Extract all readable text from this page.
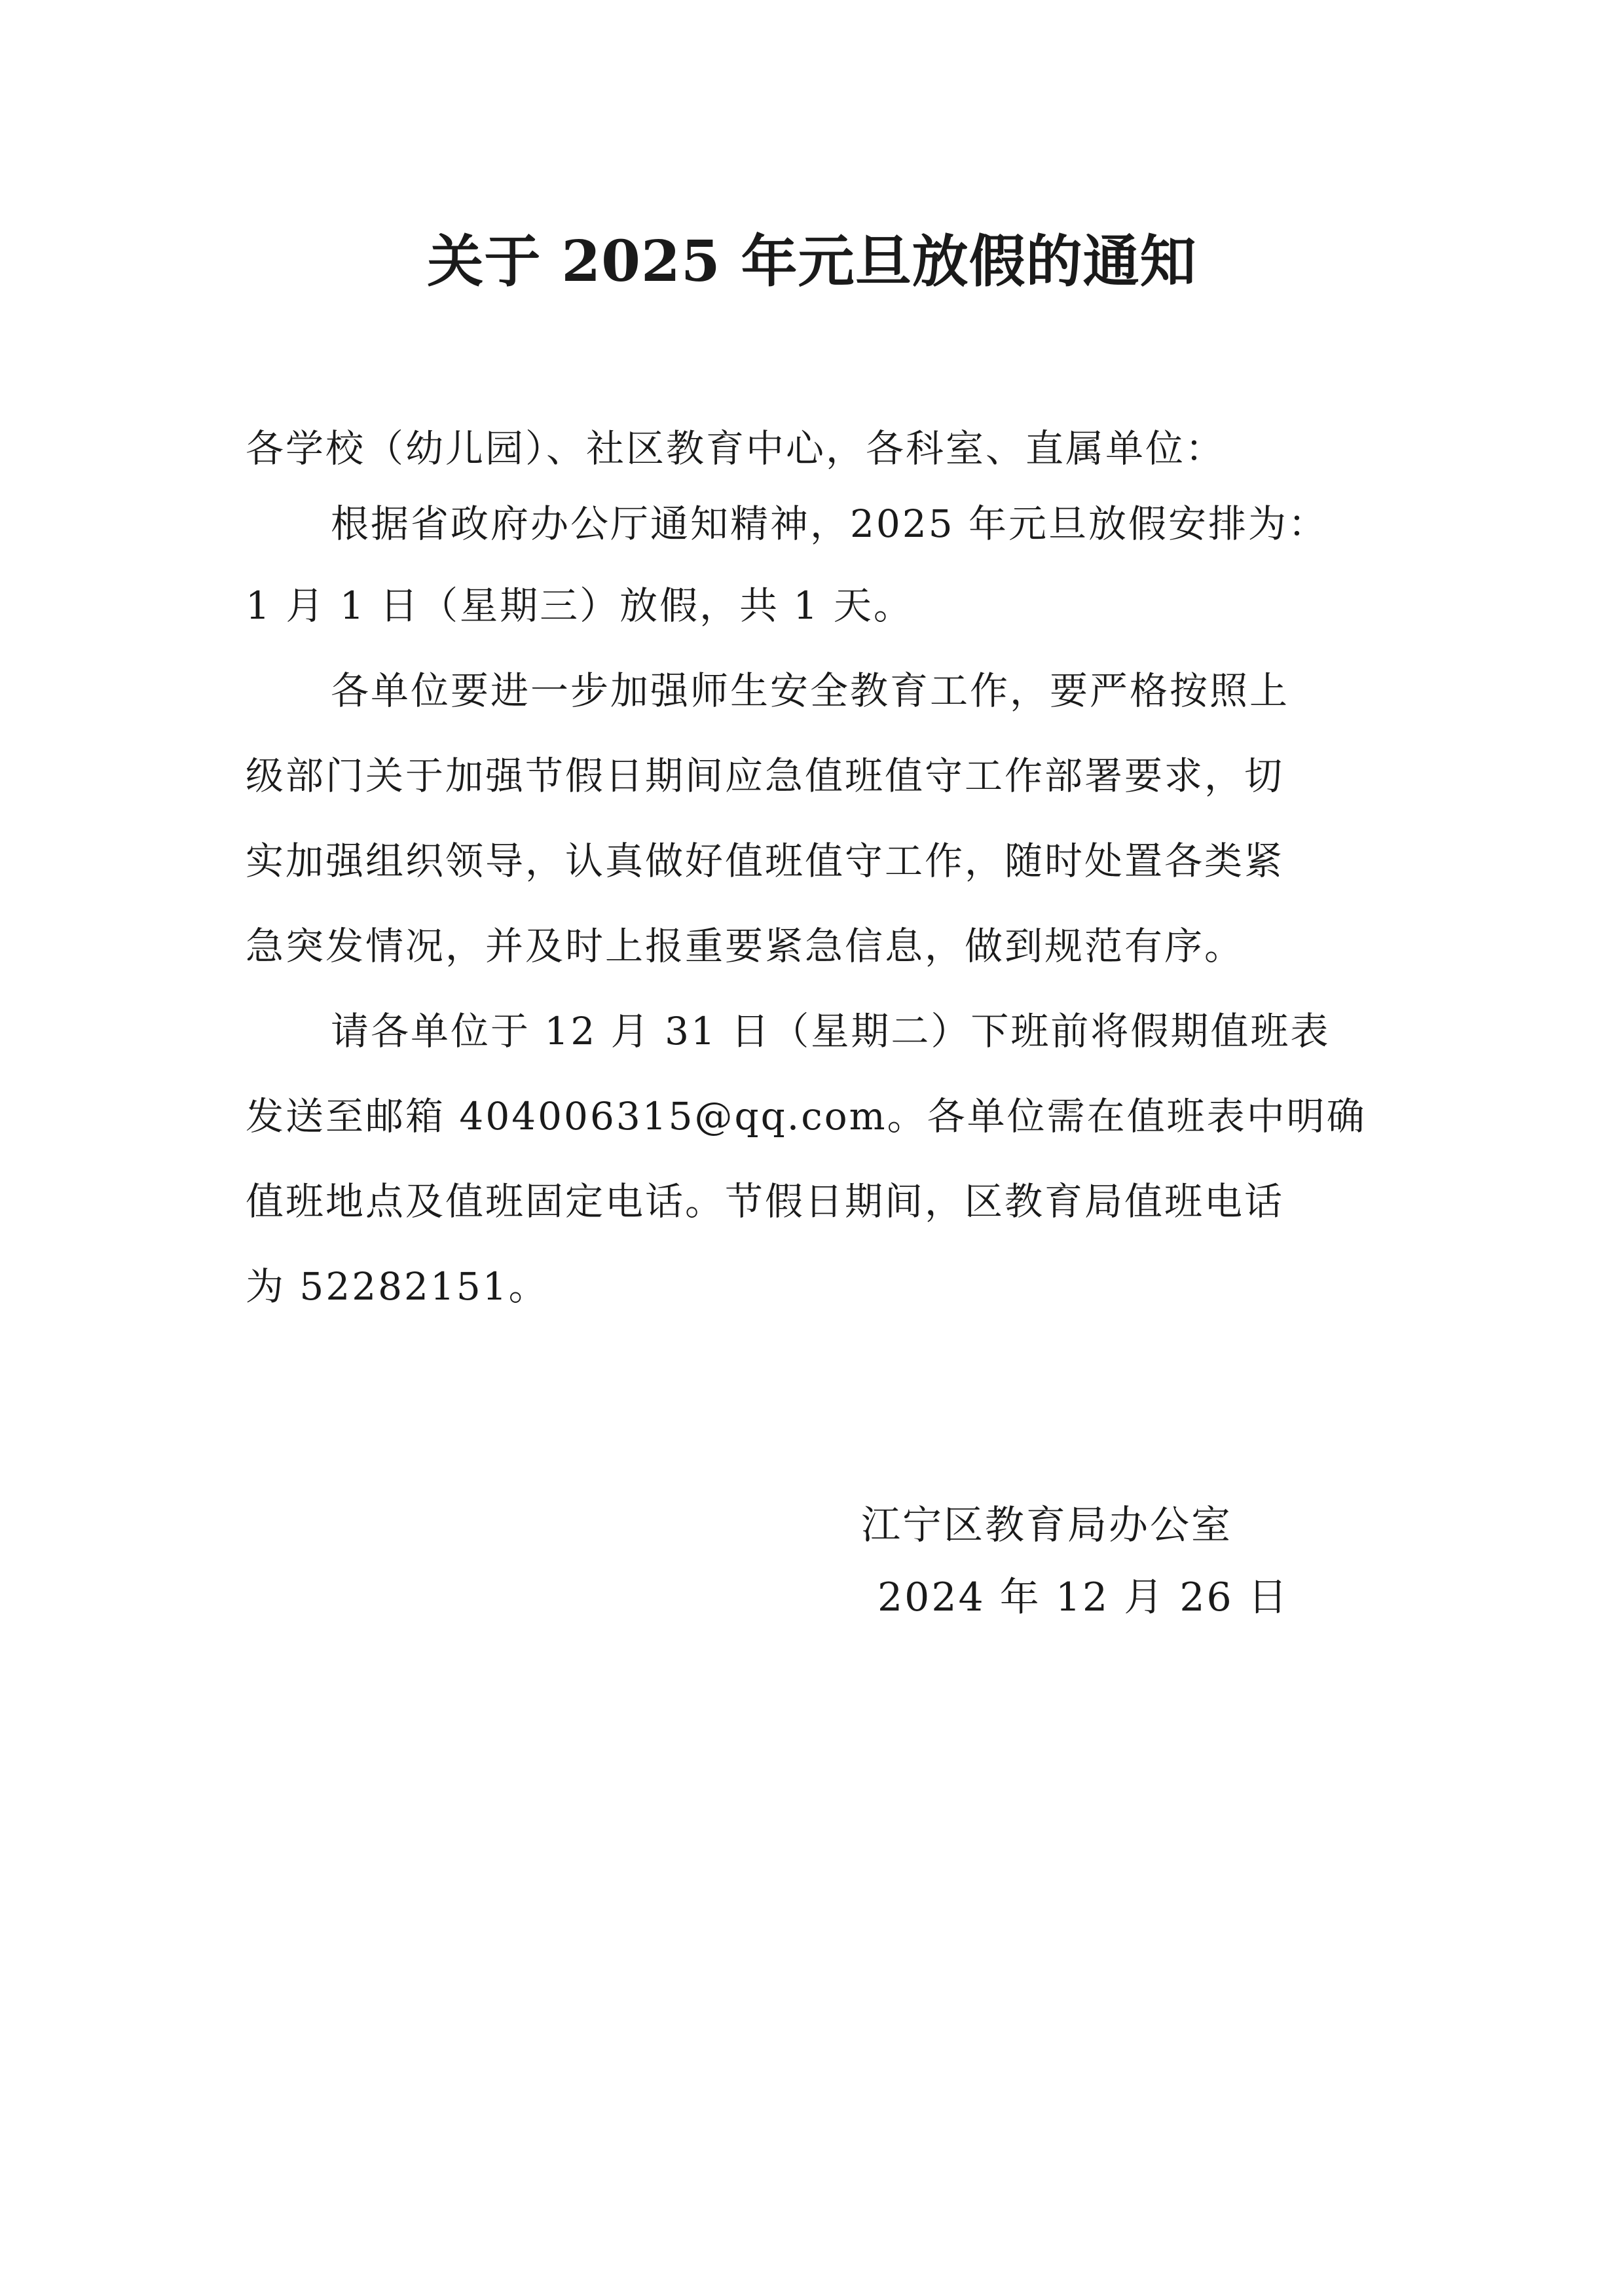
关于 2025 年元旦放假的通知
各学校（幼儿园）、社区教育中心，各科室、直属单位：
根据省政府办公厅通知精神，2025 年元旦放假安排为：
1 月 1 日（星期三）放假，共 1 天。
各单位要进一步加强师生安全教育工作，要严格按照上
级部门关于加强节假日期间应急值班值守工作部署要求，切
实加强组织领导，认真做好值班值守工作，随时处置各类紧
急突发情况，并及时上报重要紧急信息，做到规范有序。
请各单位于 12 月 31 日（星期二）下班前将假期值班表
发送至邮箱 404006315@qq.com。各单位需在值班表中明确
值班地点及值班固定电话。节假日期间，区教育局值班电话
为 52282151。
江宁区教育局办公室
2024 年 12 月 26 日
